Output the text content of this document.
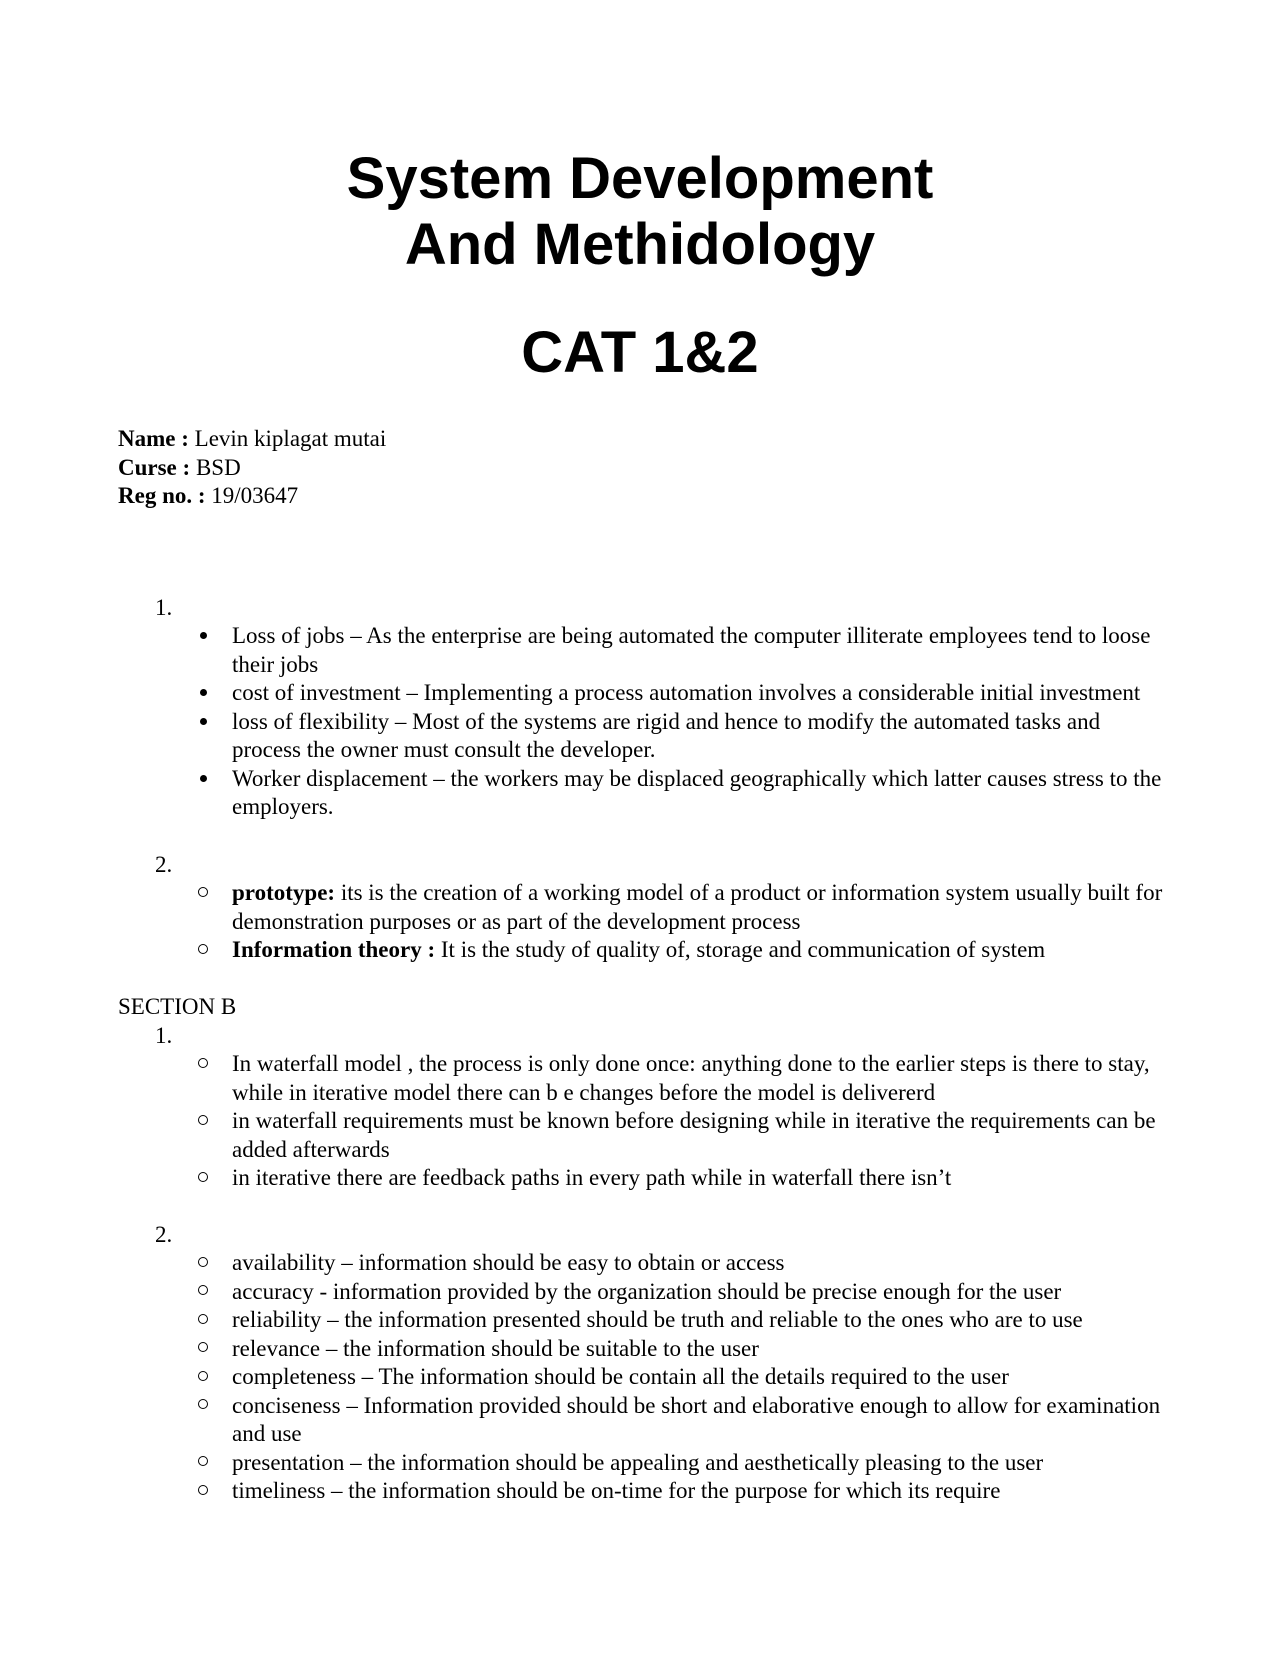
System Development And Methidology
CAT 1&2
Name : Levin kiplagat mutai
Curse : BSD
Reg no. : 19/03647
1.
Loss of jobs – As the enterprise are being automated the computer illiterate employees tend to loose their jobs
cost of investment – Implementing a process automation involves a considerable initial investment
loss of flexibility – Most of the systems are rigid and hence to modify the automated tasks and process the owner must consult the developer.
Worker displacement – the workers may be displaced geographically which latter causes stress to the employers.
2.
prototype: its is the creation of a working model of a product or information system usually built for demonstration purposes or as part of the development process
Information theory : It is the study of quality of, storage and communication of system
SECTION B
1.
In waterfall model , the process is only done once: anything done to the earlier steps is there to stay, while in iterative model there can b e changes before the model is delivererd
in waterfall requirements must be known before designing while in iterative the requirements can be added afterwards
in iterative there are feedback paths in every path while in waterfall there isn’t
2.
availability – information should be easy to obtain or access
accuracy - information provided by the organization should be precise enough for the user
reliability – the information presented should be truth and reliable to the ones who are to use
relevance – the information should be suitable to the user
completeness – The information should be contain all the details required to the user
conciseness – Information provided should be short and elaborative enough to allow for examination and use
presentation – the information should be appealing and aesthetically pleasing to the user
timeliness – the information should be on-time for the purpose for which its require
